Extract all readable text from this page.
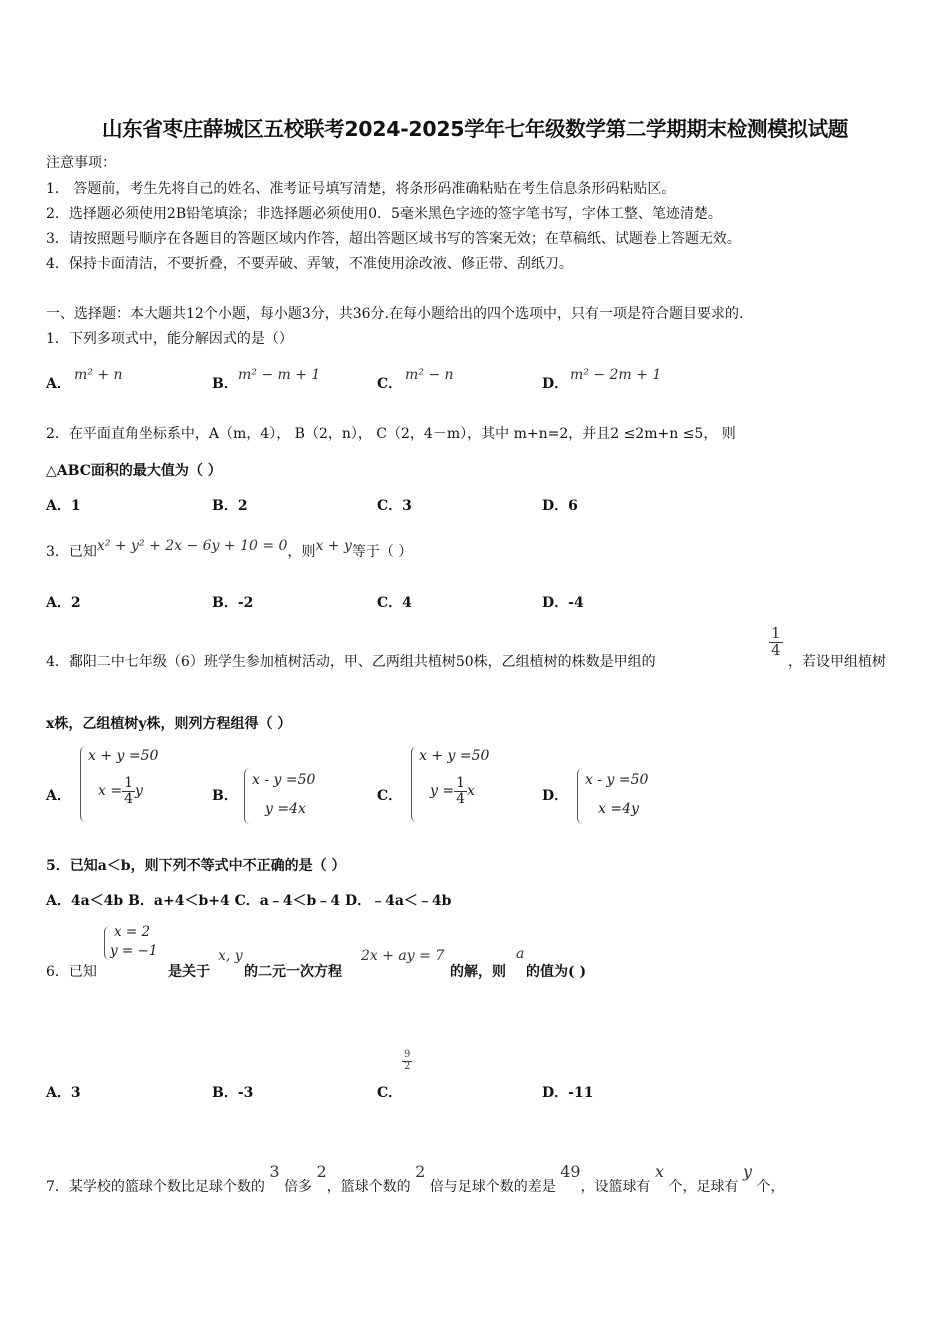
山东省枣庄薛城区五校联考2024-2025学年七年级数学第二学期期末检测模拟试题
注意事项：
1． 答题前，考生先将自己的姓名、准考证号填写清楚，将条形码准确粘贴在考生信息条形码粘贴区。
2．选择题必须使用2B铅笔填涂；非选择题必须使用0．5毫米黑色字迹的签字笔书写，字体工整、笔迹清楚。
3．请按照题号顺序在各题目的答题区域内作答，超出答题区域书写的答案无效；在草稿纸、试题卷上答题无效。
4．保持卡面清洁，不要折叠，不要弄破、弄皱，不准使用涂改液、修正带、刮纸刀。
一、选择题：本大题共12个小题，每小题3分，共36分.在每小题给出的四个选项中，只有一项是符合题目要求的.
1．下列多项式中，能分解因式的是（）
A．
m² + n
B．
m² − m + 1
C．
m² − n
D．
m² − 2m + 1
2．在平面直角坐标系中，A（m，4）， B（2，n）， C（2，4－m），其中 m+n=2，并且2 ≤2m+n ≤5， 则
△ABC面积的最大值为（ ）
A．1	B．2	C．3	D．6
3．已知x² + y² + 2x − 6y + 10 = 0，则x + y等于（ ）
A．2	B．-2	C．4	D．-4
4．鄱阳二中七年级（6）班学生参加植树活动，甲、乙两组共植树50株，乙组植树的株数是甲组的
$\frac{1}{4}$
，若设甲组植树
x株，乙组植树y株，则列方程组得（ ）
A．
x + y =50
$x = \frac{1}{4}$ y	B．
x - y =50
y =4x
C．
x + y =50
$y = \frac{1}{4}$ x	D．
x - y =50
x =4y
5．已知a＜b，则下列不等式中不正确的是（ ）
A．4a＜4b B．a+4＜b+4 C．a﹣4＜b﹣4 D．﹣4a＜﹣4b
x = 2
y = −1
6．已知	是关于
x, y
的二元一次方程
2x + ay = 7
的解，则
a
的值为( )
A．3	B．-3	C．
$\frac{9}{2}$
D．-11
7．某学校的篮球个数比足球个数的 3 倍多 2，篮球个数的 2 倍与足球个数的差是 49，设篮球有 x 个，足球有 y 个，
